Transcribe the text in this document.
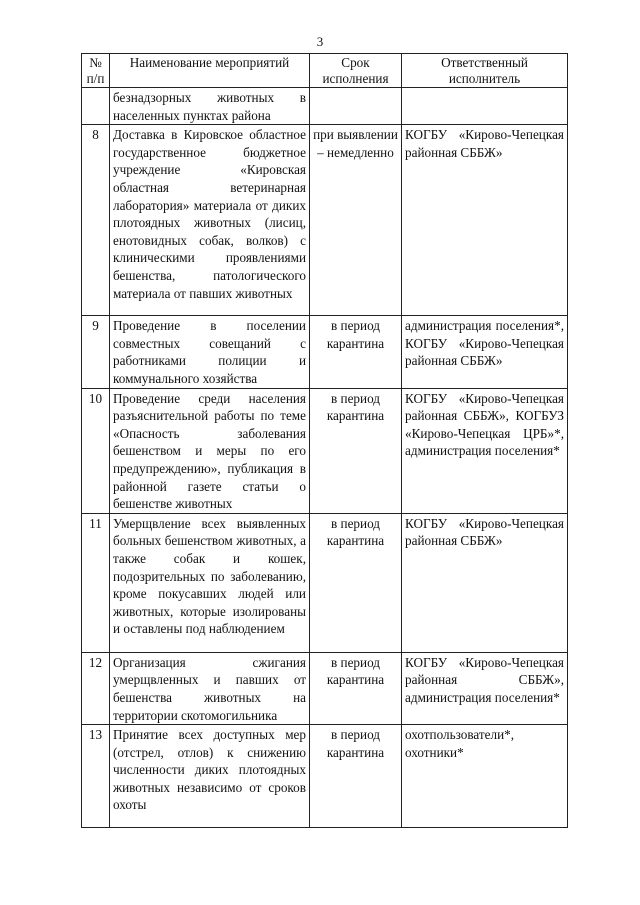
3
№ п/п	Наименование мероприятий	Срок исполнения	Ответственный исполнитель
	безнадзорных животных в населенных пунктах района		
8	Доставка в Кировское областное государственное бюджетное учреждение «Кировская областная ветеринарная лаборатория» материала от диких плотоядных животных (лисиц, енотовидных собак, волков) с клиническими проявлениями бешенства, патологического материала от павших животных	при выявлении – немедленно	КОГБУ «Кирово-Чепецкая районная СББЖ»
9	Проведение в поселении совместных совещаний с работниками полиции и коммунального хозяйства	в период карантина	администрация поселения*, КОГБУ «Кирово-Чепецкая районная СББЖ»
10	Проведение среди населения разъяснительной работы по теме «Опасность заболевания бешенством и меры по его предупреждению», публикация в районной газете статьи о бешенстве животных	в период карантина	КОГБУ «Кирово-Чепецкая районная СББЖ», КОГБУЗ «Кирово-Чепецкая ЦРБ»*, администрация поселения*
11	Умерщвление всех выявленных больных бешенством животных, а также собак и кошек, подозрительных по заболеванию, кроме покусавших людей или животных, которые изолированы и оставлены под наблюдением	в период карантина	КОГБУ «Кирово-Чепецкая районная СББЖ»
12	Организация сжигания умерщвленных и павших от бешенства животных на территории скотомогильника	в период карантина	КОГБУ «Кирово-Чепецкая районная СББЖ», администрация поселения*
13	Принятие всех доступных мер (отстрел, отлов) к снижению численности диких плотоядных животных независимо от сроков охоты	в период карантина	охотпользователи*, охотники*
